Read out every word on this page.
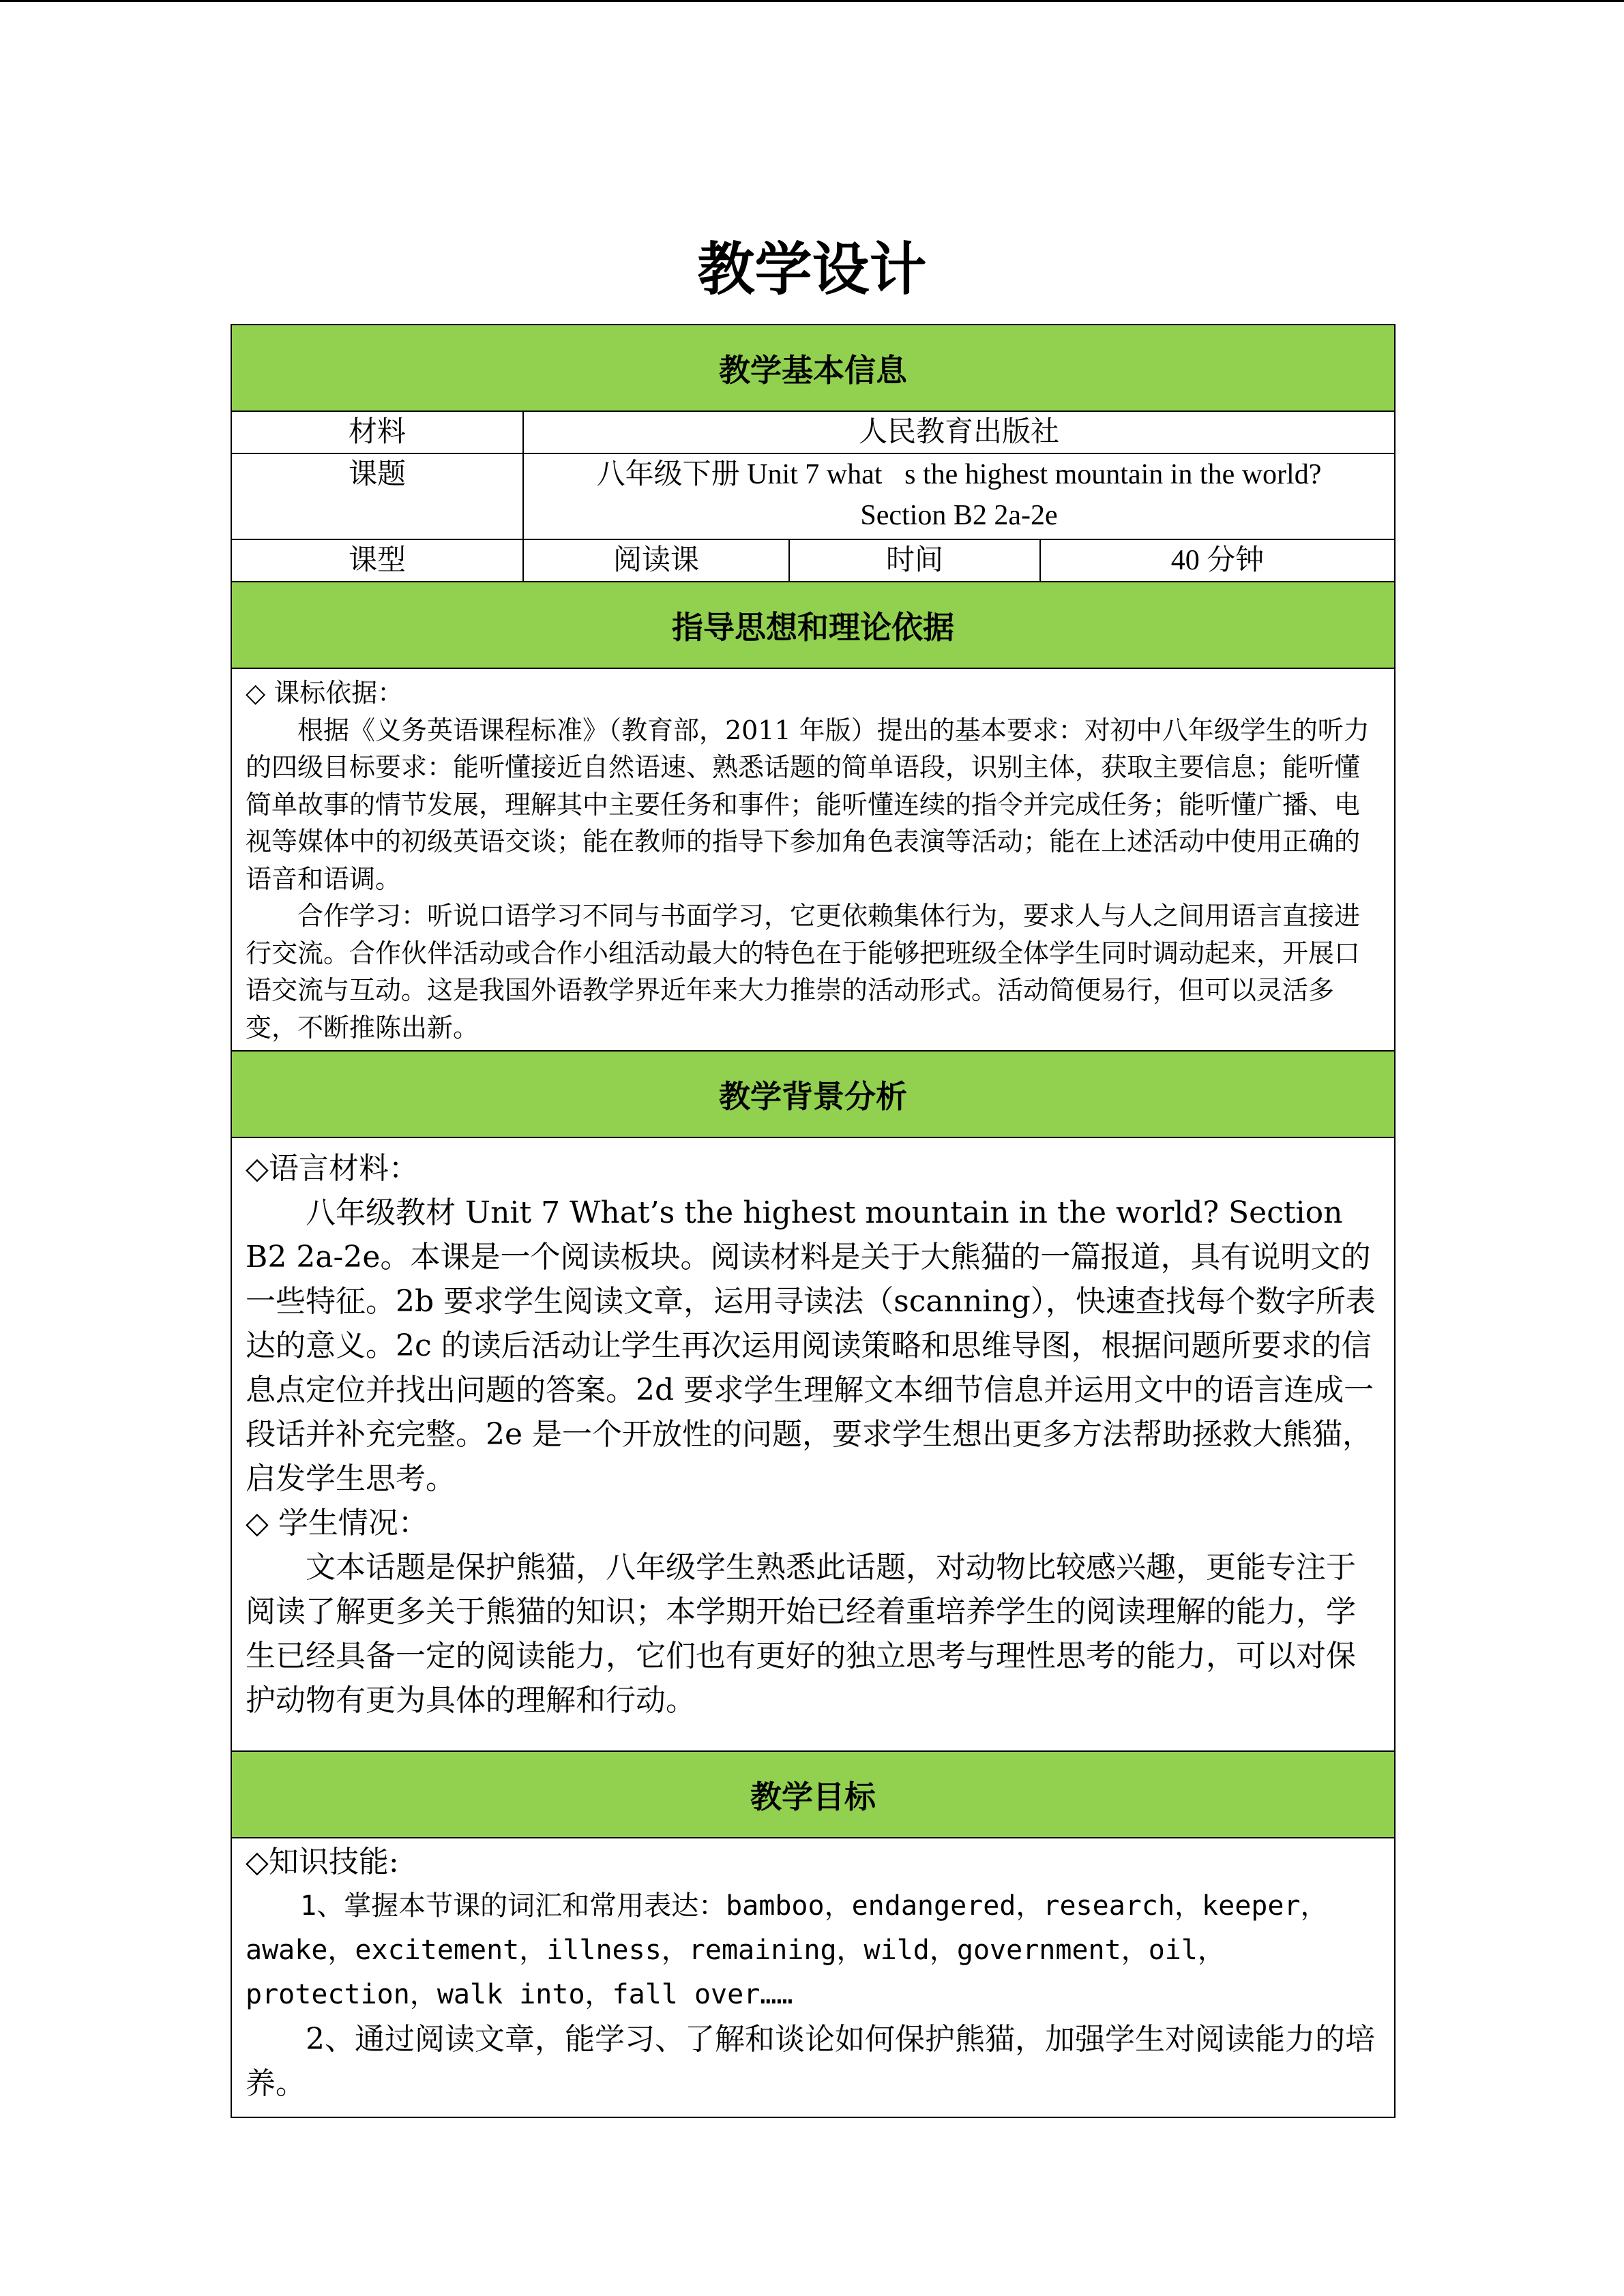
教学设计
教学基本信息			
材料	人民教育出版社		
课题	八年级下册 Unit 7 what s the highest mountain in the world?
Section B2 2a-2e		

课型	阅读课	时间	40 分钟
指导思想和理论依据			

◇ 课标依据：
根据《义务英语课程标准》（教育部，2011 年版）提出的基本要求：对初中八年级学生的听力的四级目标要求：能听懂接近自然语速、熟悉话题的简单语段，识别主体，获取主要信息；能听懂简单故事的情节发展，理解其中主要任务和事件；能听懂连续的指令并完成任务；能听懂广播、电视等媒体中的初级英语交谈；能在教师的指导下参加角色表演等活动；能在上述活动中使用正确的语音和语调。
合作学习：听说口语学习不同与书面学习，它更依赖集体行为，要求人与人之间用语言直接进行交流。合作伙伴活动或合作小组活动最大的特色在于能够把班级全体学生同时调动起来，开展口语交流与互动。这是我国外语教学界近年来大力推崇的活动形式。活动简便易行，但可以灵活多变，不断推陈出新。			

教学背景分析			

◇语言材料：
八年级教材 Unit 7 What’s the highest mountain in the world? Section B2 2a-2e。本课是一个阅读板块。阅读材料是关于大熊猫的一篇报道，具有说明文的一些特征。2b 要求学生阅读文章，运用寻读法（scanning），快速查找每个数字所表达的意义。2c 的读后活动让学生再次运用阅读策略和思维导图，根据问题所要求的信息点定位并找出问题的答案。2d 要求学生理解文本细节信息并运用文中的语言连成一段话并补充完整。2e 是一个开放性的问题，要求学生想出更多方法帮助拯救大熊猫，启发学生思考。
◇ 学生情况：
文本话题是保护熊猫，八年级学生熟悉此话题，对动物比较感兴趣，更能专注于阅读了解更多关于熊猫的知识；本学期开始已经着重培养学生的阅读理解的能力，学生已经具备一定的阅读能力，它们也有更好的独立思考与理性思考的能力，可以对保护动物有更为具体的理解和行动。			

教学目标			

◇知识技能:
1、掌握本节课的词汇和常用表达：bamboo，endangered，research，keeper，awake，excitement，illness，remaining，wild，government，oil，protection，walk into，fall over……
2、通过阅读文章，能学习、了解和谈论如何保护熊猫，加强学生对阅读能力的培养。			
